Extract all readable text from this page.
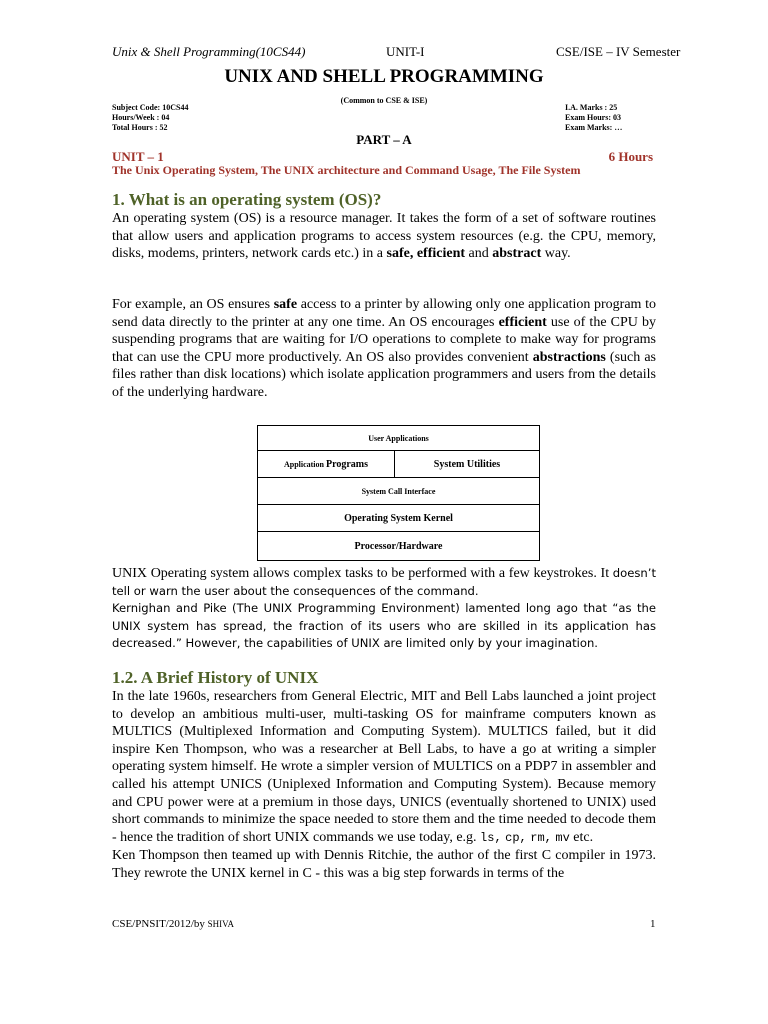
Unix & Shell Programming(10CS44)	UNIT-I	CSE/ISE – IV Semester
UNIX AND SHELL PROGRAMMING
(Common to CSE & ISE)
Subject Code: 10CS44
Hours/Week : 04
Total Hours : 52
I.A. Marks : 25
Exam Hours: 03
Exam Marks: …
PART – A
UNIT – 1	6 Hours
The Unix Operating System, The UNIX architecture and Command Usage, The File System
1. What is an operating system (OS)?

An operating system (OS) is a resource manager. It takes the form of a set of software routines that allow users and application programs to access system resources (e.g. the CPU, memory, disks, modems, printers, network cards etc.) in a safe, efficient and abstract way.

For example, an OS ensures safe access to a printer by allowing only one application program to send data directly to the printer at any one time. An OS encourages efficient use of the CPU by suspending programs that are waiting for I/O operations to complete to make way for programs that can use the CPU more productively. An OS also provides convenient abstractions (such as files rather than disk locations) which isolate application programmers and users from the details of the underlying hardware.

User Applications
Application
Programs	System Utilities
System Call Interface
Operating System Kernel
Processor/Hardware

UNIX Operating system allows complex tasks to be performed with a few keystrokes. It doesn’t tell or warn the user about the consequences of the command.
Kernighan and Pike (The UNIX Programming Environment) lamented long ago that “as the UNIX system has spread, the fraction of its users who are skilled in its application has decreased.” However, the capabilities of UNIX are limited only by your imagination.

1.2. A Brief History of UNIX

In the late 1960s, researchers from General Electric, MIT and Bell Labs launched a joint project to develop an ambitious multi-user, multi-tasking OS for mainframe computers known as MULTICS (Multiplexed Information and Computing System). MULTICS failed, but it did inspire Ken Thompson, who was a researcher at Bell Labs, to have a go at writing a simpler operating system himself. He wrote a simpler version of MULTICS on a PDP7 in assembler and called his attempt UNICS (Uniplexed Information and Computing System). Because memory and CPU power were at a premium in those days, UNICS (eventually shortened to UNIX) used short commands to minimize the space needed to store them and the time needed to decode them - hence the tradition of short UNIX commands we use today, e.g. ls, cp, rm, mv etc.
Ken Thompson then teamed up with Dennis Ritchie, the author of the first C compiler in 1973. They rewrote the UNIX kernel in C - this was a big step forwards in terms of the

CSE/PNSIT/2012/by SHIVA	1
